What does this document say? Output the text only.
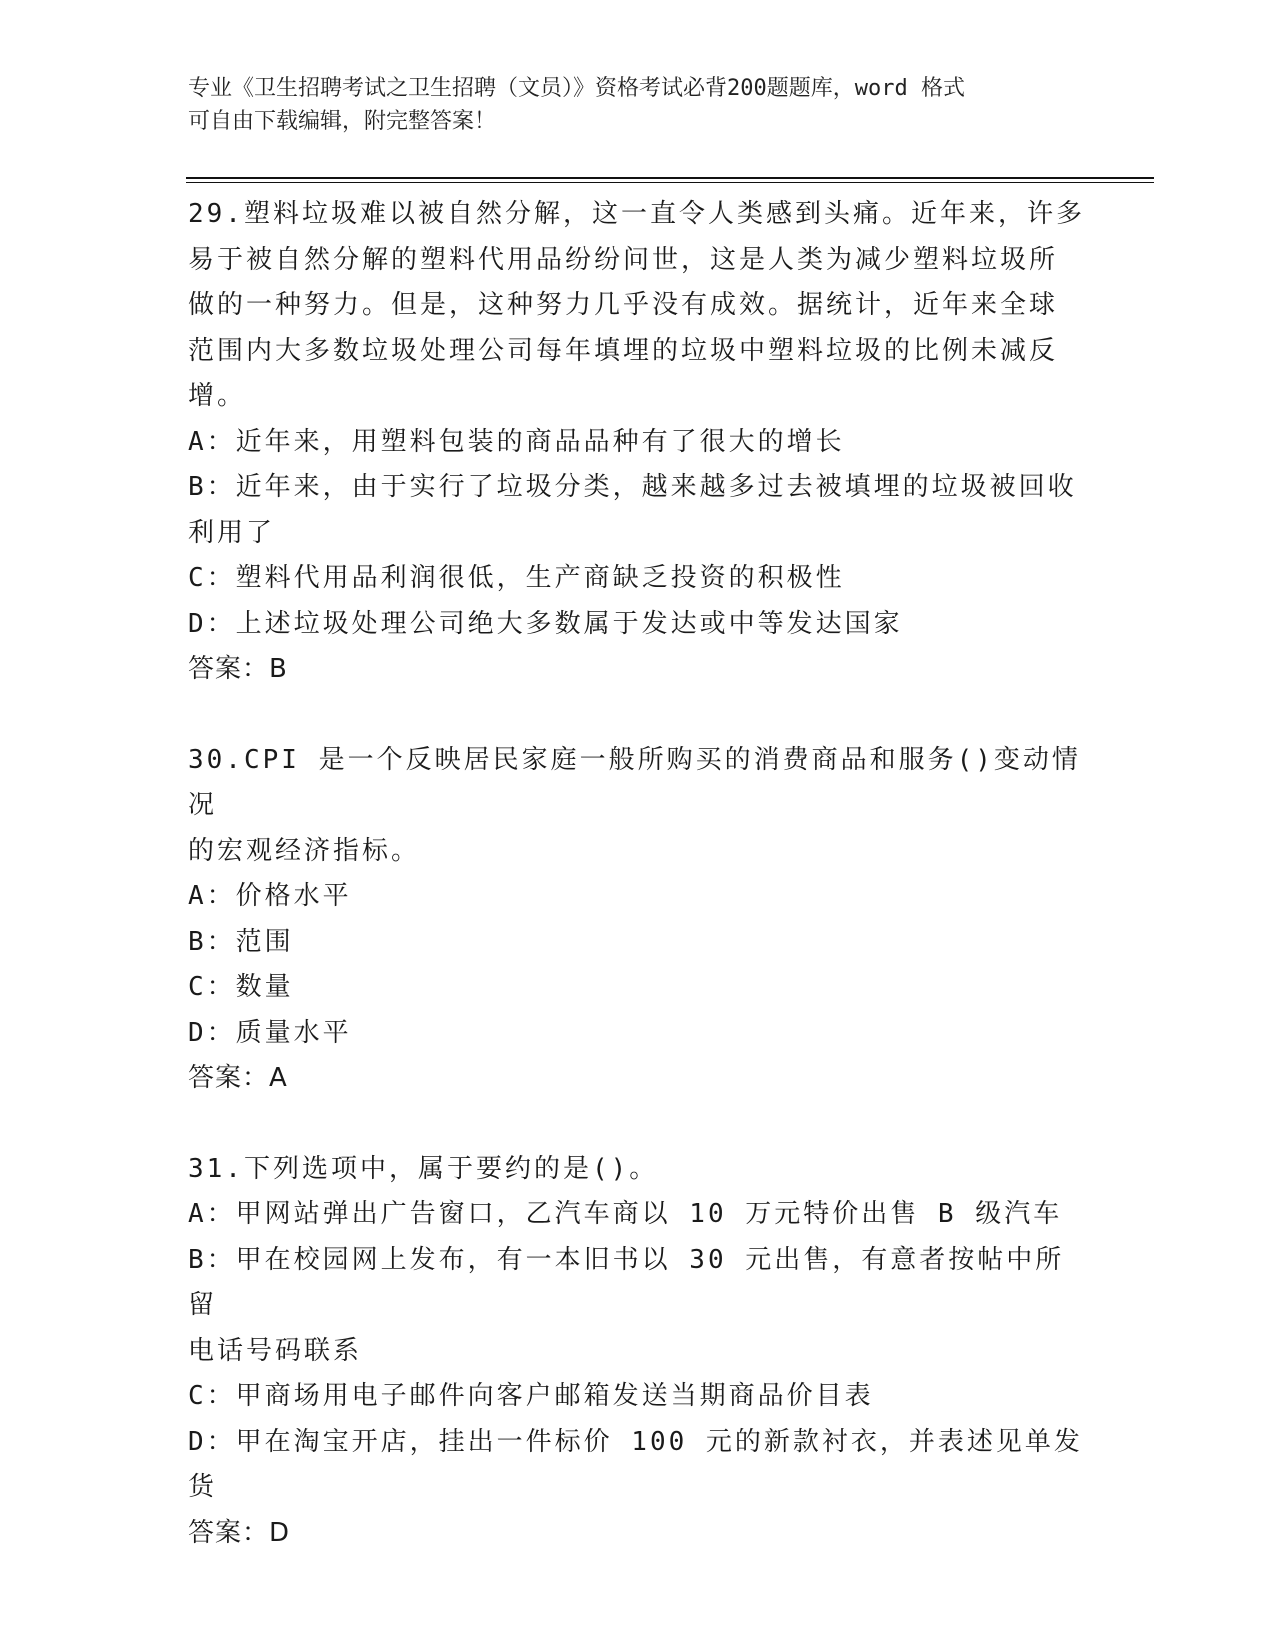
专业《卫生招聘考试之卫生招聘（文员）》资格考试必背200题题库，word 格式
可自由下载编辑，附完整答案！
29.塑料垃圾难以被自然分解，这一直令人类感到头痛。近年来，许多
易于被自然分解的塑料代用品纷纷问世，这是人类为减少塑料垃圾所
做的一种努力。但是，这种努力几乎没有成效。据统计，近年来全球
范围内大多数垃圾处理公司每年填埋的垃圾中塑料垃圾的比例未减反
增。
A：近年来，用塑料包装的商品品种有了很大的增长
B：近年来，由于实行了垃圾分类，越来越多过去被填埋的垃圾被回收
利用了
C：塑料代用品利润很低，生产商缺乏投资的积极性
D：上述垃圾处理公司绝大多数属于发达或中等发达国家
答案：B
30.CPI 是一个反映居民家庭一般所购买的消费商品和服务()变动情况
的宏观经济指标。
A：价格水平
B：范围
C：数量
D：质量水平
答案：A
31.下列选项中，属于要约的是()。
A：甲网站弹出广告窗口，乙汽车商以 10 万元特价出售 B 级汽车
B：甲在校园网上发布，有一本旧书以 30 元出售，有意者按帖中所留
电话号码联系
C：甲商场用电子邮件向客户邮箱发送当期商品价目表
D：甲在淘宝开店，挂出一件标价 100 元的新款衬衣，并表述见单发货
答案：D
